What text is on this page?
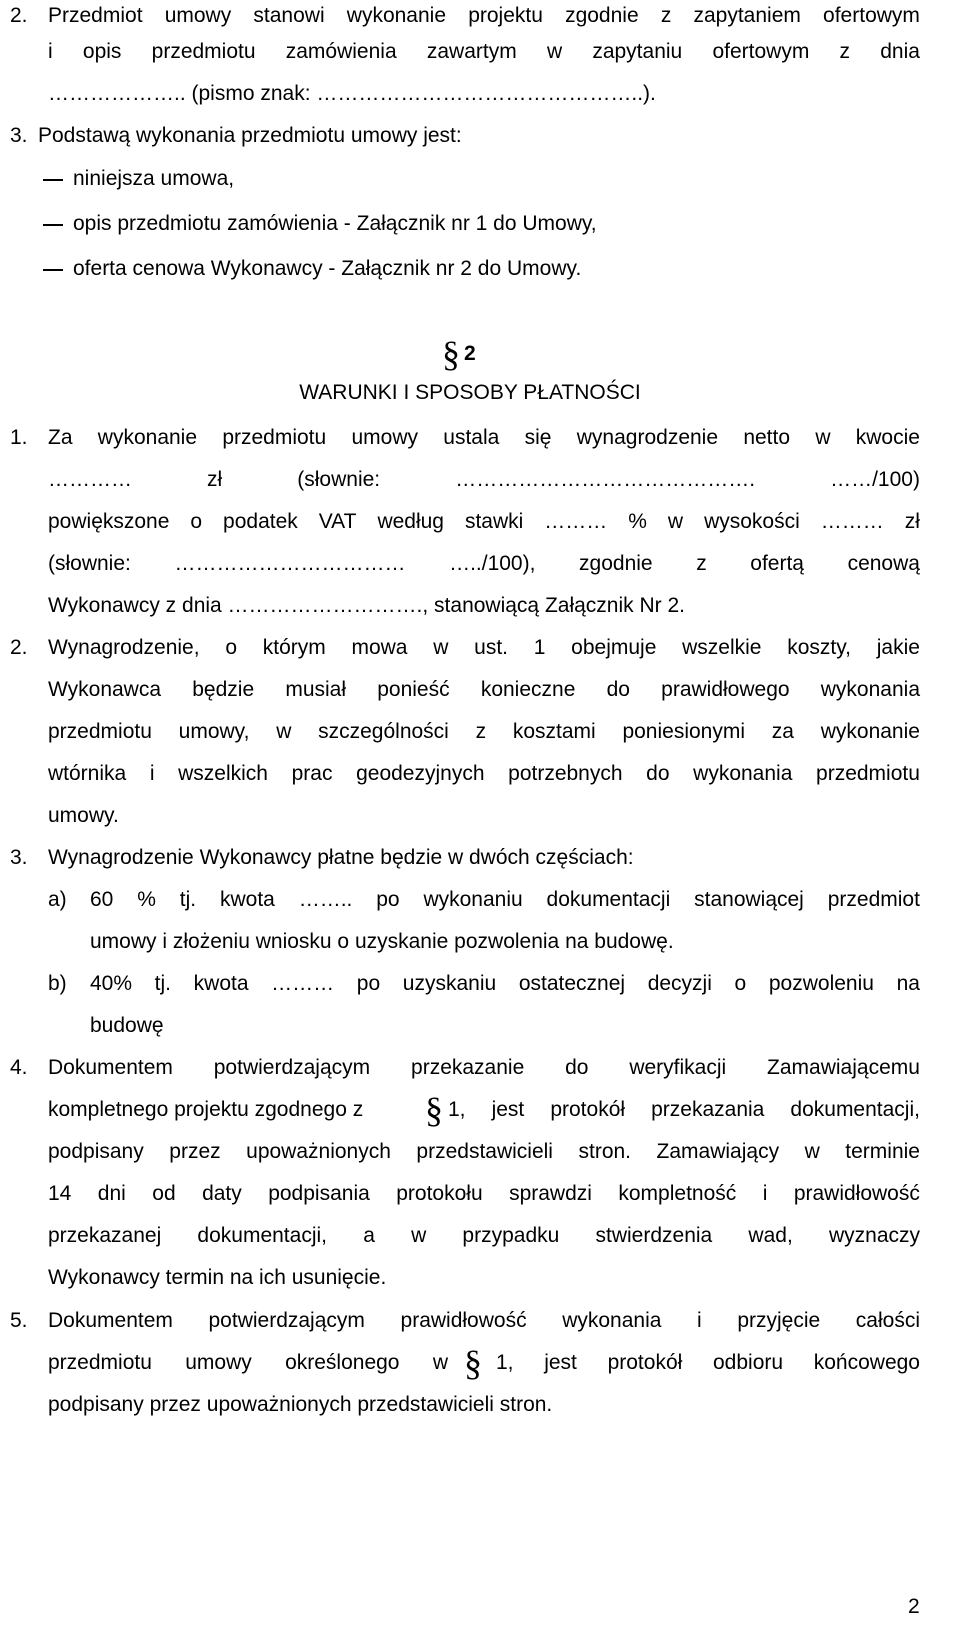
2. Przedmiot umowy stanowi wykonanie projektu zgodnie z zapytaniem ofertowym
i opis przedmiotu zamówienia zawartym w zapytaniu ofertowym z dnia
……………….. (pismo znak: ………………………………………..).
3. Podstawą wykonania przedmiotu umowy jest:
niniejsza umowa,
opis przedmiotu zamówienia - Załącznik nr 1 do Umowy,
oferta cenowa Wykonawcy - Załącznik nr 2 do Umowy.
§ 2
WARUNKI I SPOSOBY PŁATNOŚCI
1. Za wykonanie przedmiotu umowy ustala się wynagrodzenie netto w kwocie
…………	zł	(słownie:	…………………………………….	……/100)
powiększone o podatek VAT według stawki ……… % w wysokości ……… zł
(słownie: …………………………… …../100), zgodnie z ofertą cenową
Wykonawcy z dnia ………………………., stanowiącą Załącznik Nr 2.
2. Wynagrodzenie, o którym mowa w ust. 1 obejmuje wszelkie koszty, jakie
Wykonawca będzie musiał ponieść konieczne do prawidłowego wykonania
przedmiotu umowy, w szczególności z kosztami poniesionymi za wykonanie
wtórnika i wszelkich prac geodezyjnych potrzebnych do wykonania przedmiotu
umowy.
3. Wynagrodzenie Wykonawcy płatne będzie w dwóch częściach:
a) 60 % tj. kwota …….. po wykonaniu dokumentacji stanowiącej przedmiot
umowy i złożeniu wniosku o uzyskanie pozwolenia na budowę.
b) 40% tj. kwota ……… po uzyskaniu ostatecznej decyzji o pozwoleniu na
budowę
4. Dokumentem potwierdzającym przekazanie do weryfikacji Zamawiającemu
kompletnego projektu zgodnego z § 1, jest protokół przekazania dokumentacji,
podpisany przez upoważnionych przedstawicieli stron. Zamawiający w terminie
14 dni od daty podpisania protokołu sprawdzi kompletność i prawidłowość
przekazanej dokumentacji, a w przypadku stwierdzenia wad, wyznaczy
Wykonawcy termin na ich usunięcie.
5. Dokumentem potwierdzającym prawidłowość wykonania i przyjęcie całości
przedmiotu umowy określonego w § 1, jest protokół odbioru końcowego
podpisany przez upoważnionych przedstawicieli stron.
2
